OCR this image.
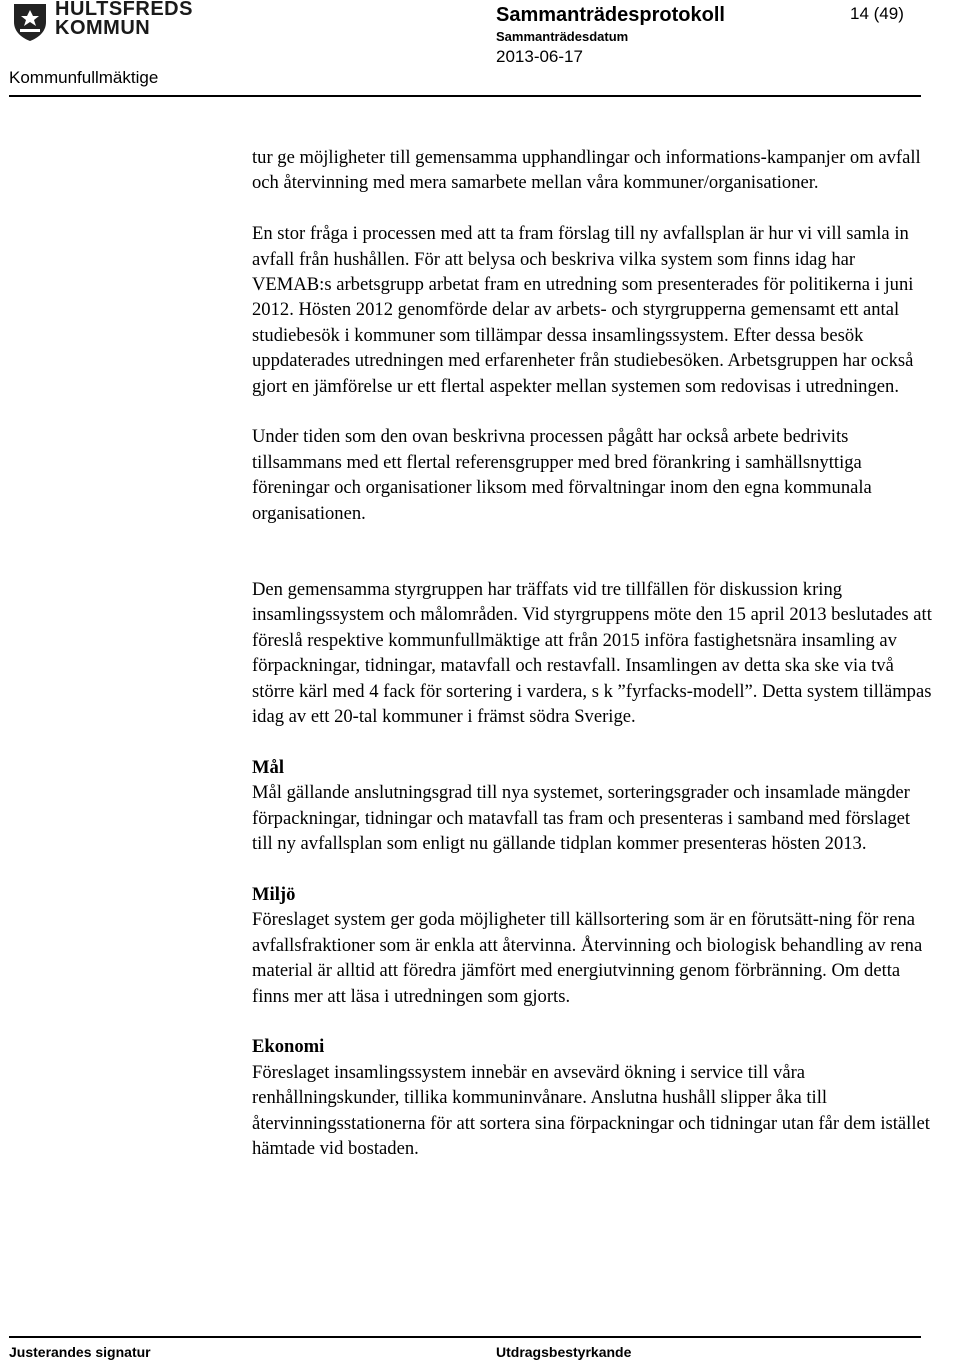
HULTSFREDS
KOMMUN
Sammanträdesprotokoll	14 (49)
Sammanträdesdatum
2013-06-17
Kommunfullmäktige

tur ge möjligheter till gemensamma upphandlingar och informations-kampanjer om avfall och återvinning med mera samarbete mellan våra kommuner/organisationer.

En stor fråga i processen med att ta fram förslag till ny avfallsplan är hur vi vill samla in avfall från hushållen. För att belysa och beskriva vilka system som finns idag har VEMAB:s arbetsgrupp arbetat fram en utredning som presenterades för politikerna i juni 2012. Hösten 2012 genomförde delar av arbets- och styrgrupperna gemensamt ett antal studiebesök i kommuner som tillämpar dessa insamlingssystem. Efter dessa besök uppdaterades utredningen med erfarenheter från studiebesöken. Arbetsgruppen har också gjort en jämförelse ur ett flertal aspekter mellan systemen som redovisas i utredningen.

Under tiden som den ovan beskrivna processen pågått har också arbete bedrivits tillsammans med ett flertal referensgrupper med bred förankring i samhällsnyttiga föreningar och organisationer liksom med förvaltningar inom den egna kommunala organisationen.

Den gemensamma styrgruppen har träffats vid tre tillfällen för diskussion kring insamlingssystem och målområden. Vid styrgruppens möte den 15 april 2013 beslutades att föreslå respektive kommunfullmäktige att från 2015 införa fastighetsnära insamling av förpackningar, tidningar, matavfall och restavfall. Insamlingen av detta ska ske via två större kärl med 4 fack för sortering i vardera, s k ”fyrfacks-modell”. Detta system tillämpas idag av ett 20-tal kommuner i främst södra Sverige.

Mål

Mål gällande anslutningsgrad till nya systemet, sorteringsgrader och insamlade mängder förpackningar, tidningar och matavfall tas fram och presenteras i samband med förslaget till ny avfallsplan som enligt nu gällande tidplan kommer presenteras hösten 2013.

Miljö

Föreslaget system ger goda möjligheter till källsortering som är en förutsätt-ning för rena avfallsfraktioner som är enkla att återvinna. Återvinning och biologisk behandling av rena material är alltid att föredra jämfört med energiutvinning genom förbränning. Om detta finns mer att läsa i utredningen som gjorts.

Ekonomi

Föreslaget insamlingssystem innebär en avsevärd ökning i service till våra renhållningskunder, tillika kommuninvånare. Anslutna hushåll slipper åka till återvinningsstationerna för att sortera sina förpackningar och tidningar utan får dem istället hämtade vid bostaden.

Justerandes signatur	Utdragsbestyrkande
